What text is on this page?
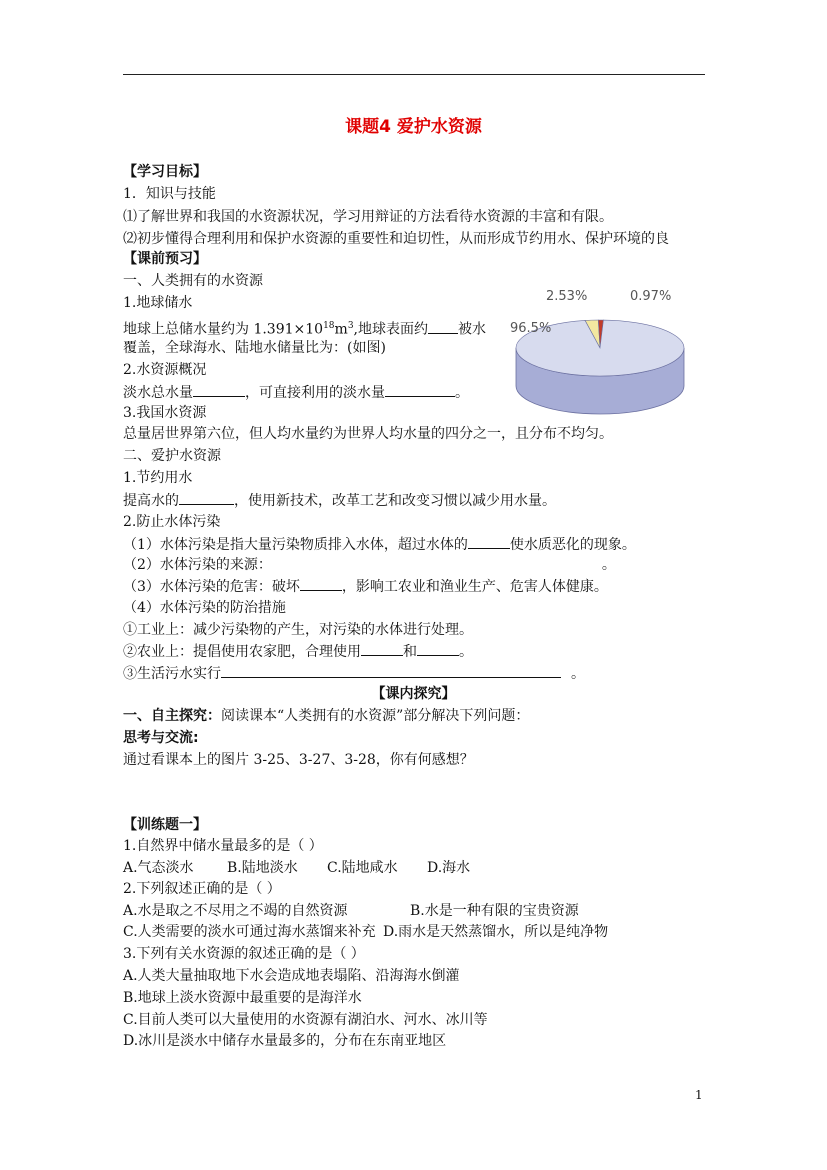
课题4 爱护水资源
【学习目标】
1．知识与技能
⑴了解世界和我国的水资源状况，学习用辩证的方法看待水资源的丰富和有限。
⑵初步懂得合理利用和保护水资源的重要性和迫切性，从而形成节约用水、保护环境的良
【课前预习】
一、人类拥有的水资源
1.地球储水
地球上总储水量约为 $1.391\times 10^{18}m^3$,地球表面约 被水
覆盖，全球海水、陆地水储量比为：(如图)
2.水资源概况
淡水总水量	，可直接利用的淡水量	。
3.我国水资源
总量居世界第六位，但人均水量约为世界人均水量的四分之一，且分布不均匀。
二、爱护水资源
1.节约用水
提高水的	，使用新技术，改革工艺和改变习惯以减少用水量。
2.防止水体污染
（1）水体污染是指大量污染物质排入水体，超过水体的	使水质恶化的现象。
（2）水体污染的来源：	。
（3）水体污染的危害：破坏	，影响工农业和渔业生产、危害人体健康。
（4）水体污染的防治措施
①工业上：减少污染物的产生，对污染的水体进行处理。
②农业上：提倡使用农家肥，合理使用	和	。
③生活污水实行	。
【课内探究】
一、自主探究：阅读课本“人类拥有的水资源”部分解决下列问题：
思考与交流:
通过看课本上的图片 3-25、3-27、3-28，你有何感想？
【训练题一】
1.自然界中储水量最多的是（ ）
A.气态淡水 B.陆地淡水 C.陆地咸水 D.海水
2.下列叙述正确的是（ ）
A.水是取之不尽用之不竭的自然资源	B.水是一种有限的宝贵资源
C.人类需要的淡水可通过海水蒸馏来补充 D.雨水是天然蒸馏水，所以是纯净物
3.下列有关水资源的叙述正确的是（ ）
A.人类大量抽取地下水会造成地表塌陷、沿海海水倒灌
B.地球上淡水资源中最重要的是海洋水
C.目前人类可以大量使用的水资源有湖泊水、河水、冰川等
D.冰川是淡水中储存水量最多的，分布在东南亚地区
1
96.5%
2.53%	0.97%
